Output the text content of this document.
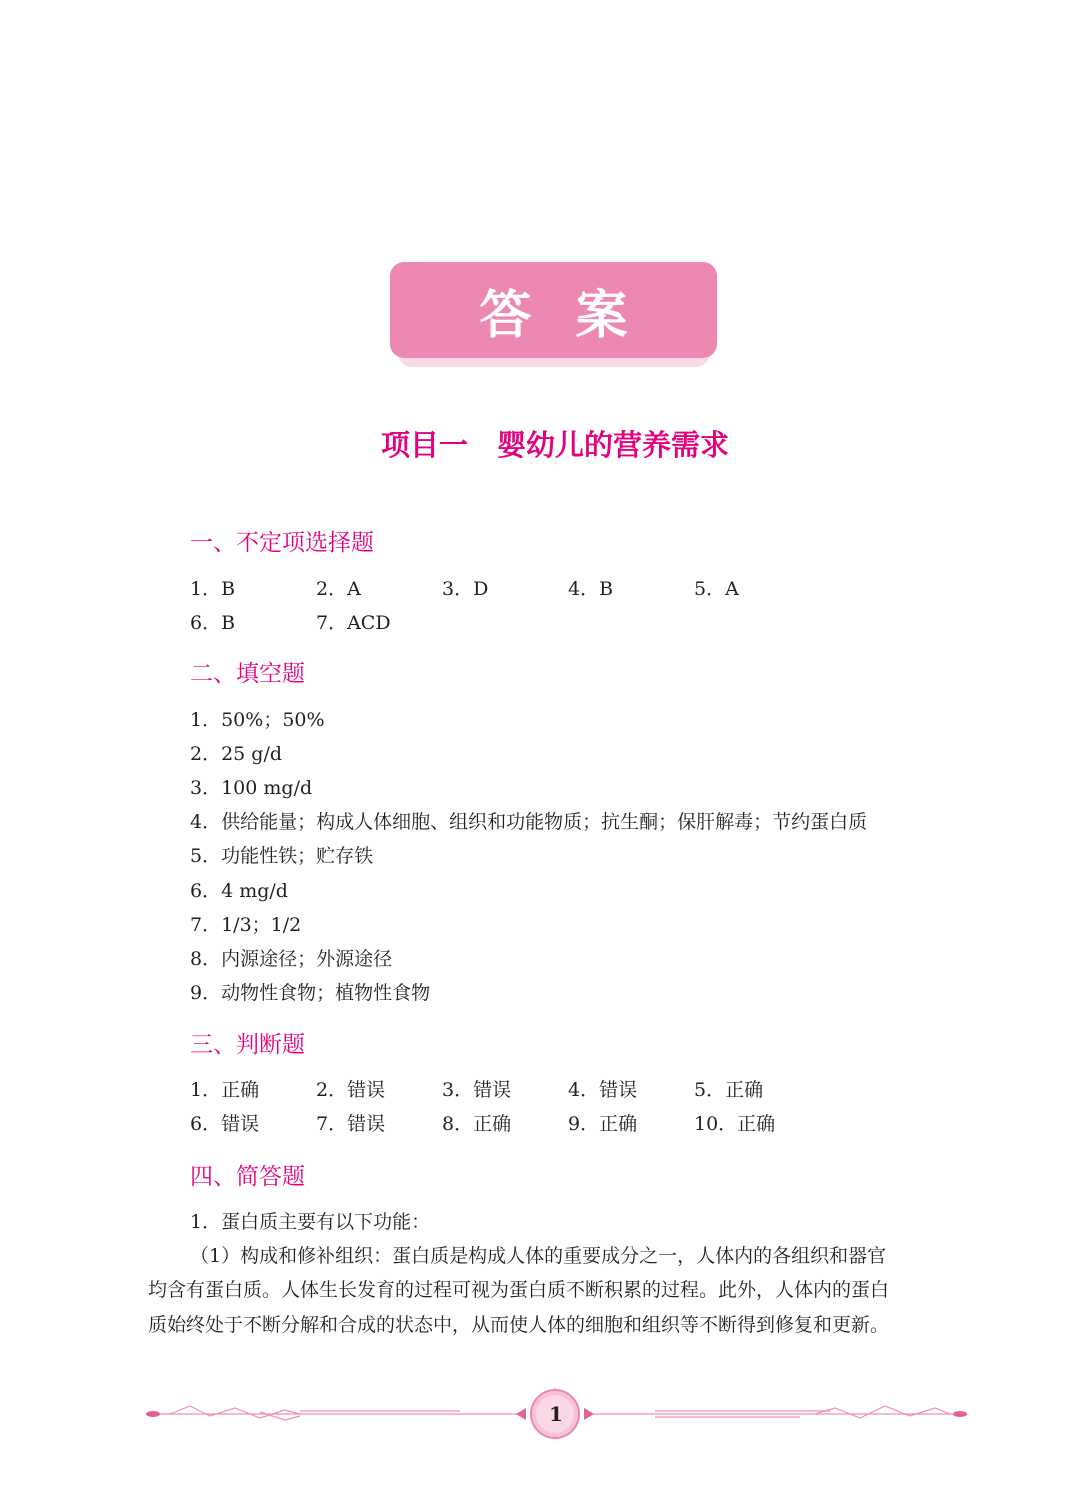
答案
项目一　婴幼儿的营养需求
一、不定项选择题
1．B	2．A	3．D	4．B	5．A
6．B	7．ACD
二、填空题
1．50%；50%
2．25 g/d
3．100 mg/d
4．供给能量；构成人体细胞、组织和功能物质；抗生酮；保肝解毒；节约蛋白质
5．功能性铁；贮存铁
6．4 mg/d
7．1/3；1/2
8．内源途径；外源途径
9．动物性食物；植物性食物
三、判断题
1．正确	2．错误	3．错误	4．错误	5．正确
6．错误	7．错误	8．正确	9．正确	10．正确
四、简答题
1．蛋白质主要有以下功能：
（1）构成和修补组织：蛋白质是构成人体的重要成分之一，人体内的各组织和器官
均含有蛋白质。人体生长发育的过程可视为蛋白质不断积累的过程。此外，人体内的蛋白
质始终处于不断分解和合成的状态中，从而使人体的细胞和组织等不断得到修复和更新。
1
